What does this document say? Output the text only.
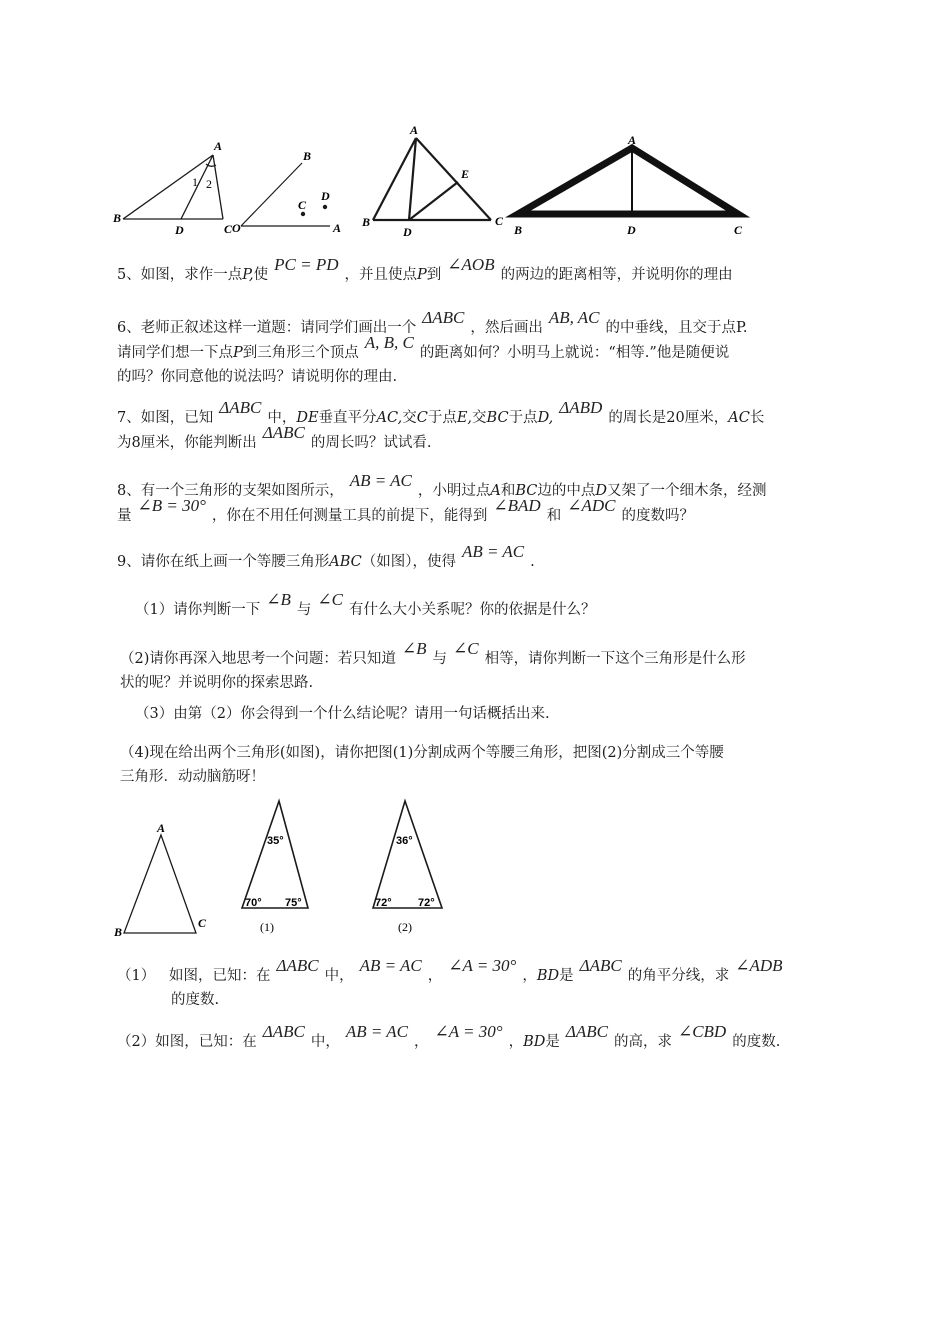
A
B
C
D
1 2
O	A
B
C
D
A
B	C
D
E
A
B	C
D
5、如图，求作一点P,使PC = PD，并且使点P到∠AOB的两边的距离相等，并说明你的理由
6、老师正叙述这样一道题：请同学们画出一个ΔABC，然后画出AB, AC的中垂线，且交于点P.
请同学们想一下点P到三角形三个顶点A, B, C的距离如何？小明马上就说：“相等.”他是随便说
的吗？你同意他的说法吗？请说明你的理由.
7、如图，已知ΔABC中，DE垂直平分AC,交C于点E,交BC于点D,ΔABD的周长是20厘米，AC长
为8厘米，你能判断出ΔABC的周长吗？试试看.
8、有一个三角形的支架如图所示，AB = AC，小明过点A和BC边的中点D又架了一个细木条，经测
量∠B = 30°，你在不用任何测量工具的前提下，能得到∠BAD和∠ADC的度数吗？
9、请你在纸上画一个等腰三角形ABC（如图），使得AB = AC.
（1）请你判断一下∠B与∠C有什么大小关系呢？你的依据是什么？
（2)请你再深入地思考一个问题：若只知道∠B与∠C相等，请你判断一下这个三角形是什么形
状的呢？并说明你的探索思路.
（3）由第（2）你会得到一个什么结论呢？请用一句话概括出来.
（4)现在给出两个三角形(如图)，请你把图(1)分割成两个等腰三角形，把图(2)分割成三个等腰
三角形．动动脑筋呀！
A
B
C
35°
70° 75°
(1)
36°
72° 72°
(2)
（1） 如图，已知：在ΔABC中，AB = AC，∠A = 30°，BD是ΔABC的角平分线，求∠ADB
的度数.
（2）如图，已知：在ΔABC中，AB = AC，∠A = 30°，BD是ΔABC的高，求∠CBD的度数.
